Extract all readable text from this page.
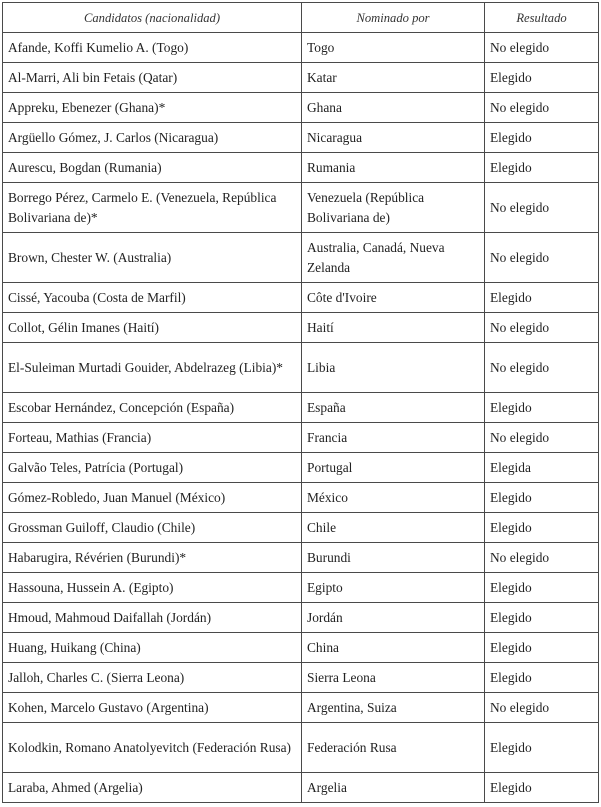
Candidatos (nacionalidad)	Nominado por	Resultado
Afande, Koffi Kumelio A. (Togo)	Togo	No elegido
Al-Marri, Ali bin Fetais (Qatar)	Katar	Elegido
Appreku, Ebenezer (Ghana)*	Ghana	No elegido
Argüello Gómez, J. Carlos (Nicaragua)	Nicaragua	Elegido
Aurescu, Bogdan (Rumania)	Rumania	Elegido
Borrego Pérez, Carmelo E. (Venezuela, República Bolivariana de)*	Venezuela (República Bolivariana de)	No elegido
Brown, Chester W. (Australia)	Australia, Canadá, Nueva Zelanda	No elegido
Cissé, Yacouba (Costa de Marfil)	Côte d'Ivoire	Elegido
Collot, Gélin Imanes (Haití)	Haití	No elegido
El-Suleiman Murtadi Gouider, Abdelrazeg (Libia)*	Libia	No elegido
Escobar Hernández, Concepción (España)	España	Elegido
Forteau, Mathias (Francia)	Francia	No elegido
Galvão Teles, Patrícia (Portugal)	Portugal	Elegida
Gómez-Robledo, Juan Manuel (México)	México	Elegido
Grossman Guiloff, Claudio (Chile)	Chile	Elegido
Habarugira, Révérien (Burundi)*	Burundi	No elegido
Hassouna, Hussein A. (Egipto)	Egipto	Elegido
Hmoud, Mahmoud Daifallah (Jordán)	Jordán	Elegido
Huang, Huikang (China)	China	Elegido
Jalloh, Charles C. (Sierra Leona)	Sierra Leona	Elegido
Kohen, Marcelo Gustavo (Argentina)	Argentina, Suiza	No elegido
Kolodkin, Romano Anatolyevitch (Federación Rusa)	Federación Rusa	Elegido
Laraba, Ahmed (Argelia)	Argelia	Elegido
